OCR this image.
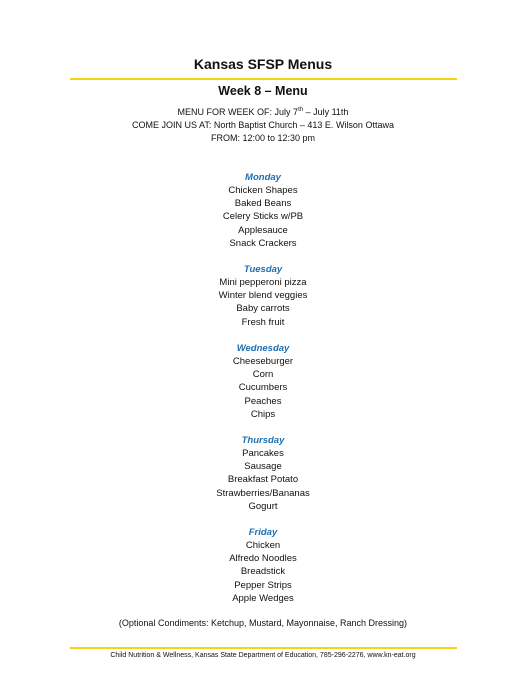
Kansas SFSP Menus
Week 8 – Menu
MENU FOR WEEK OF: July 7th – July 11th
COME JOIN US AT: North Baptist Church – 413 E. Wilson Ottawa
FROM: 12:00 to 12:30 pm
Monday
Chicken Shapes
Baked Beans
Celery Sticks w/PB
Applesauce
Snack Crackers
Tuesday
Mini pepperoni pizza
Winter blend veggies
Baby carrots
Fresh fruit
Wednesday
Cheeseburger
Corn
Cucumbers
Peaches
Chips
Thursday
Pancakes
Sausage
Breakfast Potato
Strawberries/Bananas
Gogurt
Friday
Chicken
Alfredo Noodles
Breadstick
Pepper Strips
Apple Wedges
(Optional Condiments: Ketchup, Mustard, Mayonnaise, Ranch Dressing)
Child Nutrition & Wellness, Kansas State Department of Education, 785-296-2276, www.kn-eat.org
